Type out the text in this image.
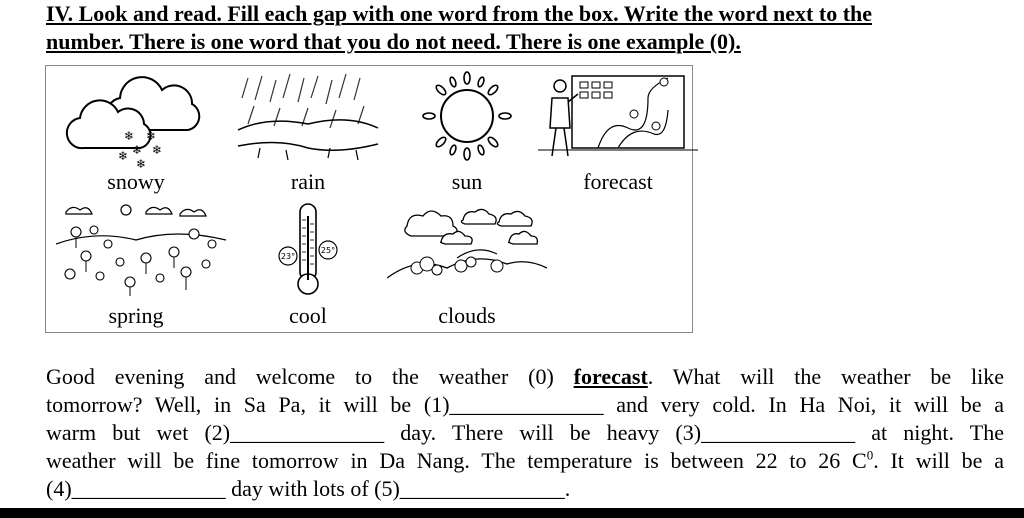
IV. Look and read. Fill each gap with one word from the box. Write the word next to the
number. There is one word that you do not need. There is one example (0).
❄ ❄
❄
❄ ❄
❄
snowy	rain	sun	forecast
spring
23°
25°
cool	clouds
Good evening and welcome to the weather (0) forecast. What will the weather be like
tomorrow? Well, in Sa Pa, it will be (1)______________ and very cold. In Ha Noi, it will be a
warm but wet (2)______________ day. There will be heavy (3)______________ at night. The
weather will be fine tomorrow in Da Nang. The temperature is between 22 to 26 $C^0$. It will be a
(4)______________ day with lots of (5)_______________.
